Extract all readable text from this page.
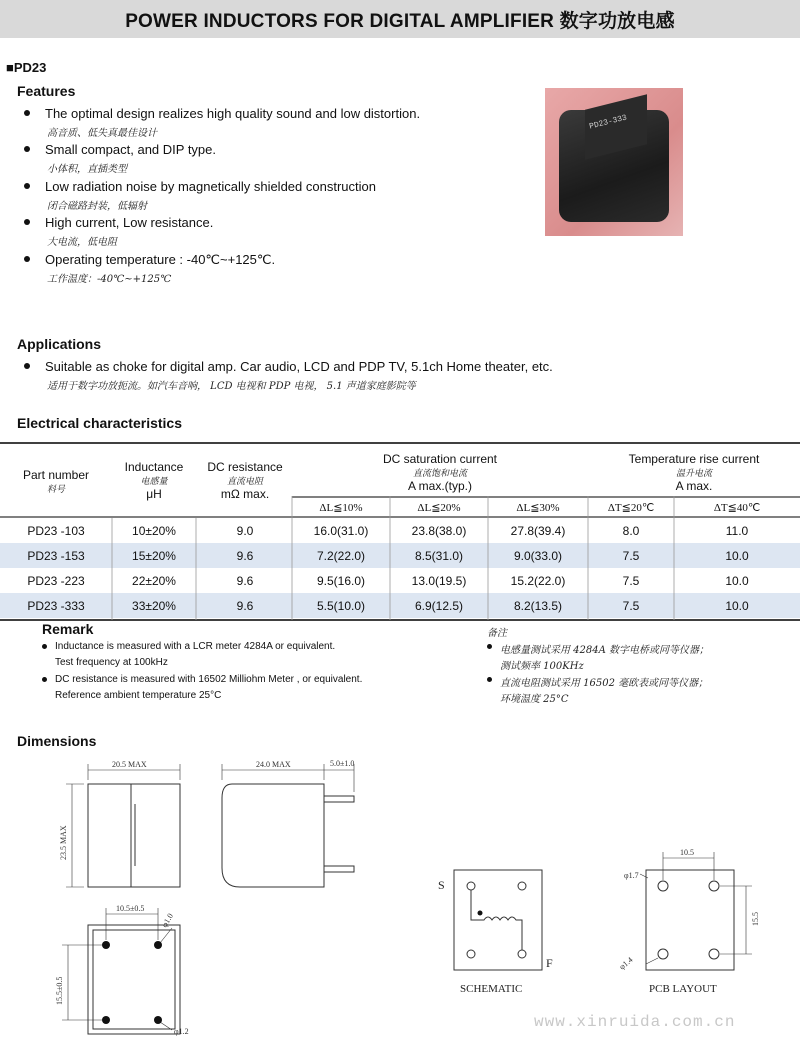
POWER INDUCTORS FOR DIGITAL AMPLIFIER 数字功放电感
■PD23
Features
The optimal design realizes high quality sound and low distortion.
高音质、低失真最佳设计
Small compact, and DIP type.
小体积，直插类型
Low radiation noise by magnetically shielded construction
闭合磁路封装，低辐射
High current, Low resistance.
大电流，低电阻
Operating temperature : -40℃~+125℃.
工作温度：-40℃~+125℃
PD23-333
Applications
Suitable as choke for digital amp. Car audio, LCD and PDP TV, 5.1ch Home theater, etc.
适用于数字功放扼流。如汽车音响， LCD 电视和 PDP 电视， 5.1 声道家庭影院等
Electrical characteristics
Part number
料号
Inductance
电感量
μH
DC resistance
直流电阻
mΩ max.
DC saturation current
直流饱和电流
A max.(typ.)
Temperature rise current
温升电流
A max.
ΔL≦10%	ΔL≦20%	ΔL≦30%	ΔT≦20℃	ΔT≦40℃
PD23 -103	10±20%	9.0	16.0(31.0)	23.8(38.0)	27.8(39.4)	8.0	11.0
PD23 -153	15±20%	9.6	7.2(22.0)	8.5(31.0)	9.0(33.0)	7.5	10.0
PD23 -223	22±20%	9.6	9.5(16.0)	13.0(19.5)	15.2(22.0)	7.5	10.0
PD23 -333	33±20%	9.6	5.5(10.0)	6.9(12.5)	8.2(13.5)	7.5	10.0
Remark
Inductance is measured with a LCR meter 4284A or equivalent.
Test frequency at 100kHz
DC resistance is measured with 16502 Milliohm Meter , or equivalent.
Reference ambient temperature 25°C
备注
电感量测试采用 4284A 数字电桥或同等仪器；
测试频率 100KHz
直流电阻测试采用 16502 毫欧表或同等仪器；
环境温度 25°C
Dimensions
20.5 MAX
23.5 MAX
24.0 MAX	5.0±1.0
10.5±0.5
15.5±0.5
φ1.0
φ1.2
10.5
15.5
φ1.7
φ1.4
S
F
SCHEMATIC	PCB LAYOUT
www.xinruida.com.cn
